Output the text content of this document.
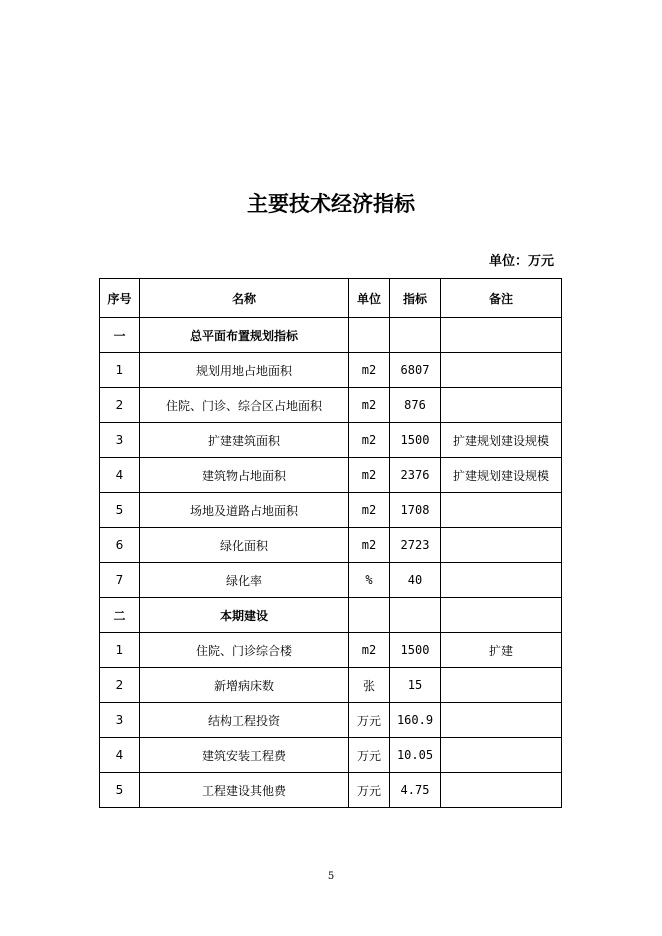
主要技术经济指标
单位：万元
序号	名称	单位	指标	备注
一	总平面布置规划指标			
1	规划用地占地面积	m2	6807	
2	住院、门诊、综合区占地面积	m2	876	
3	扩建建筑面积	m2	1500	扩建规划建设规模
4	建筑物占地面积	m2	2376	扩建规划建设规模
5	场地及道路占地面积	m2	1708	
6	绿化面积	m2	2723	
7	绿化率	%	40	
二	本期建设			
1	住院、门诊综合楼	m2	1500	扩建
2	新增病床数	张	15	
3	结构工程投资	万元	160.9	
4	建筑安装工程费	万元	10.05	
5	工程建设其他费	万元	4.75	
5
